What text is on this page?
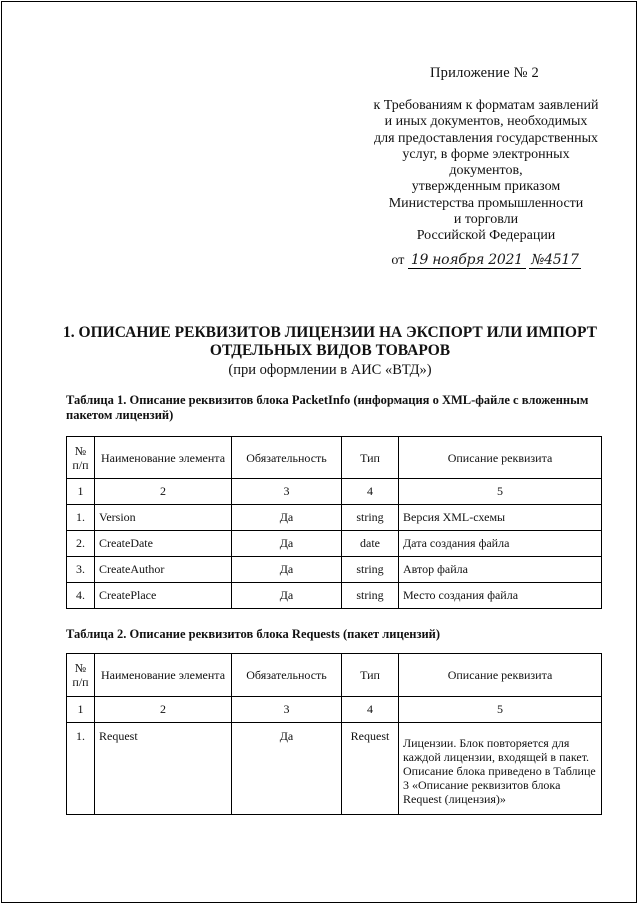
Приложение № 2
к Требованиям к форматам заявлений
и иных документов, необходимых
для предоставления государственных
услуг, в форме электронных
документов,
утвержденным приказом
Министерства промышленности
и торговли
Российской Федерации
от 19 ноября 2021 №4517
1. ОПИСАНИЕ РЕКВИЗИТОВ ЛИЦЕНЗИИ НА ЭКСПОРТ ИЛИ ИМПОРТ
ОТДЕЛЬНЫХ ВИДОВ ТОВАРОВ
(при оформлении в АИС «ВТД»)
Таблица 1. Описание реквизитов блока PacketInfo (информация о XML-файле с вложенным пакетом лицензий)
№ п/п	Наименование элемента	Обязательность	Тип	Описание реквизита
1	2	3	4	5
1.	Version	Да	string	Версия XML-схемы
2.	CreateDate	Да	date	Дата создания файла
3.	CreateAuthor	Да	string	Автор файла
4.	CreatePlace	Да	string	Место создания файла
Таблица 2. Описание реквизитов блока Requests (пакет лицензий)
№ п/п	Наименование элемента	Обязательность	Тип	Описание реквизита
1	2	3	4	5
1.	Request	Да	Request	Лицензии. Блок повторяется для каждой лицензии, входящей в пакет. Описание блока приведено в Таблице 3 «Описание реквизитов блока Request (лицензия)»
